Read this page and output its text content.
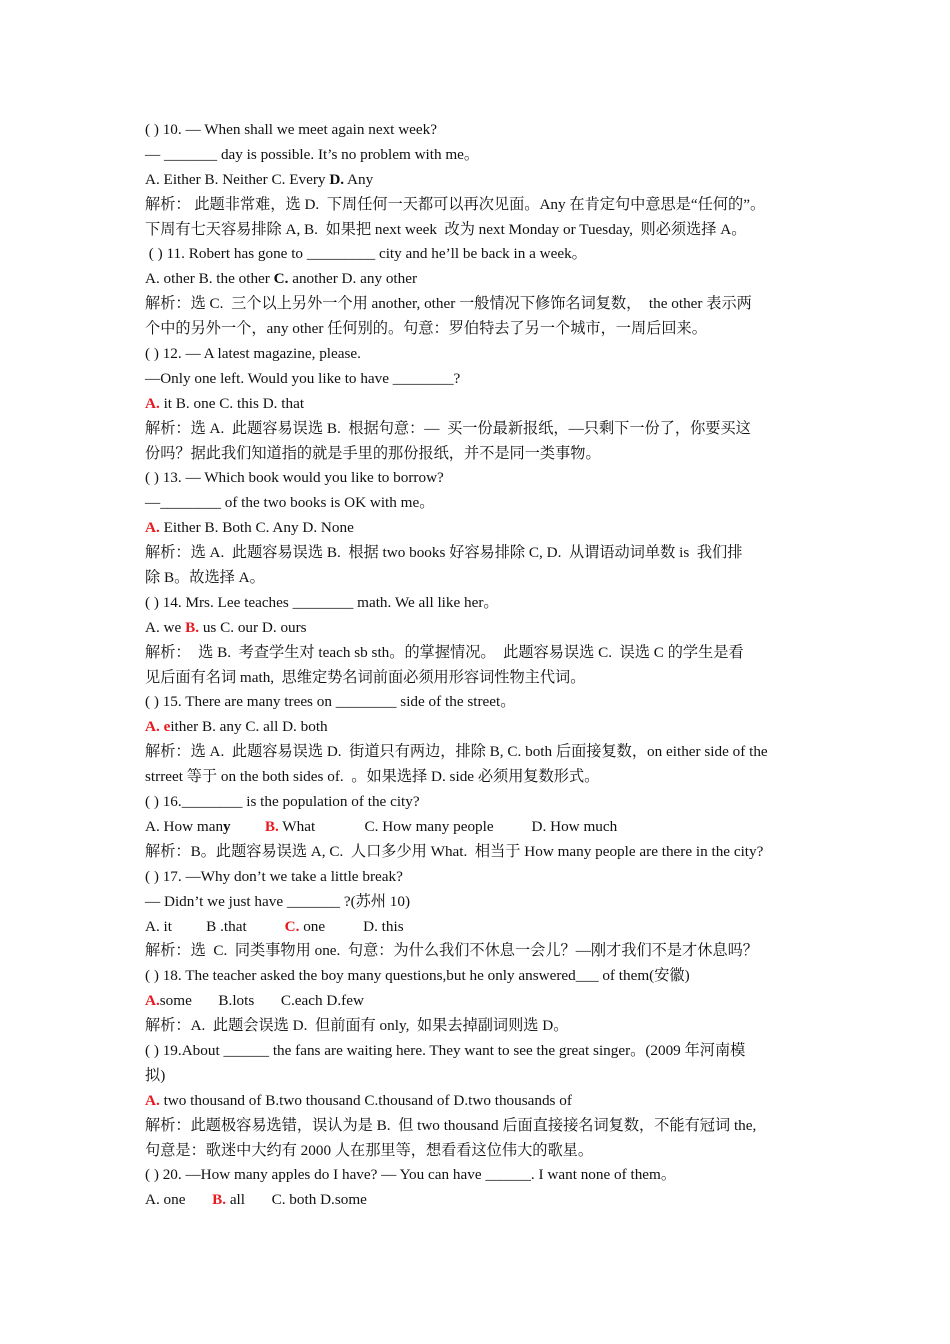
( ) 10. — When shall we meet again next week?
— _______ day is possible. It’s no problem with me。
A. Either B. Neither C. Every D. Any
解析： 此题非常难，选 D.  下周任何一天都可以再次见面。Any 在肯定句中意思是“任何的”。
下周有七天容易排除 A, B.  如果把 next week  改为 next Monday or Tuesday,  则必须选择 A。
( ) 11. Robert has gone to _________ city and he’ll be back in a week。
A. other B. the other C. another D. any other
解析：选 C.  三个以上另外一个用 another, other 一般情况下修饰名词复数，  the other 表示两
个中的另外一个，any other 任何别的。句意：罗伯特去了另一个城市，一周后回来。
( ) 12. — A latest magazine, please.
—Only one left. Would you like to have ________?
A. it B. one C. this D. that
解析：选 A.  此题容易误选 B.  根据句意：—  买一份最新报纸，—只剩下一份了，你要买这
份吗？据此我们知道指的就是手里的那份报纸，并不是同一类事物。
( ) 13. — Which book would you like to borrow?
—________ of the two books is OK with me。
A. Either B. Both C. Any D. None
解析：选 A.  此题容易误选 B.  根据 two books 好容易排除 C, D.  从谓语动词单数 is  我们排
除 B。故选择 A。
( ) 14. Mrs. Lee teaches ________ math. We all like her。
A. we B. us C. our D. ours
解析：  选 B.  考查学生对 teach sb sth。的掌握情况。  此题容易误选 C.  误选 C 的学生是看
见后面有名词 math,  思维定势名词前面必须用形容词性物主代词。
( ) 15. There are many trees on ________ side of the street。
A. either B. any C. all D. both
解析：选 A.  此题容易误选 D.  街道只有两边，排除 B, C. both 后面接复数，on either side of the
strreet 等于 on the both sides of.  。如果选择 D. side 必须用复数形式。
( ) 16.________ is the population of the city?
A. How many B. What             C. How many people          D. How much
解析：B。此题容易误选 A, C.  人口多少用 What.  相当于 How many people are there in the city?
( ) 17. —Why don’t we take a little break?
— Didn’t we just have _______ ?(苏州 10)
A. it         B .that          C. one          D. this
解析：选  C.  同类事物用 one.  句意：为什么我们不休息一会儿？—刚才我们不是才休息吗？
( ) 18. The teacher asked the boy many questions,but he only answered___ of them(安徽)
A.some       B.lots       C.each D.few
解析：A.  此题会误选 D.  但前面有 only,  如果去掉副词则选 D。
( ) 19.About ______ the fans are waiting here. They want to see the great singer。(2009 年河南模
拟)
A. two thousand of B.two thousand C.thousand of D.two thousands of
解析：此题极容易选错，误认为是 B.  但 two thousand 后面直接接名词复数，不能有冠词 the,
句意是：歌迷中大约有 2000 人在那里等，想看看这位伟大的歌星。
( ) 20. —How many apples do I have? — You can have ______. I want none of them。
A. one       B. all       C. both D.some
